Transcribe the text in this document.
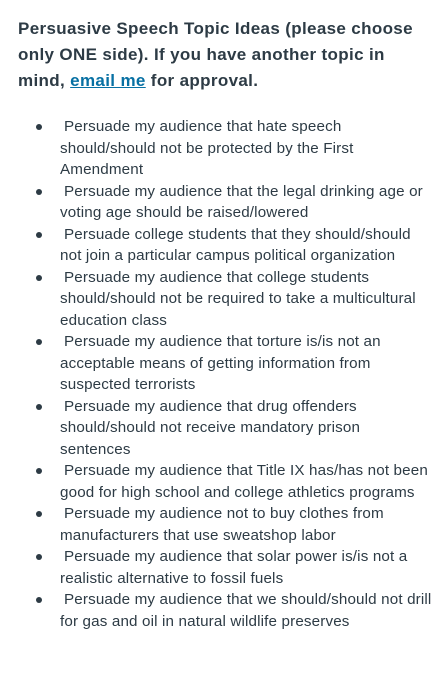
Persuasive Speech Topic Ideas (please choose only ONE side). If you have another topic in mind, email me for approval.

Persuade my audience that hate speech should/should not be protected by the First Amendment
Persuade my audience that the legal drinking age or voting age should be raised/lowered
Persuade college students that they should/should not join a particular campus political organization
Persuade my audience that college students should/should not be required to take a multicultural education class
Persuade my audience that torture is/is not an acceptable means of getting information from suspected terrorists
Persuade my audience that drug offenders should/should not receive mandatory prison sentences
Persuade my audience that Title IX has/has not been good for high school and college athletics programs
Persuade my audience not to buy clothes from manufacturers that use sweatshop labor
Persuade my audience that solar power is/is not a realistic alternative to fossil fuels
Persuade my audience that we should/should not drill for gas and oil in natural wildlife preserves
